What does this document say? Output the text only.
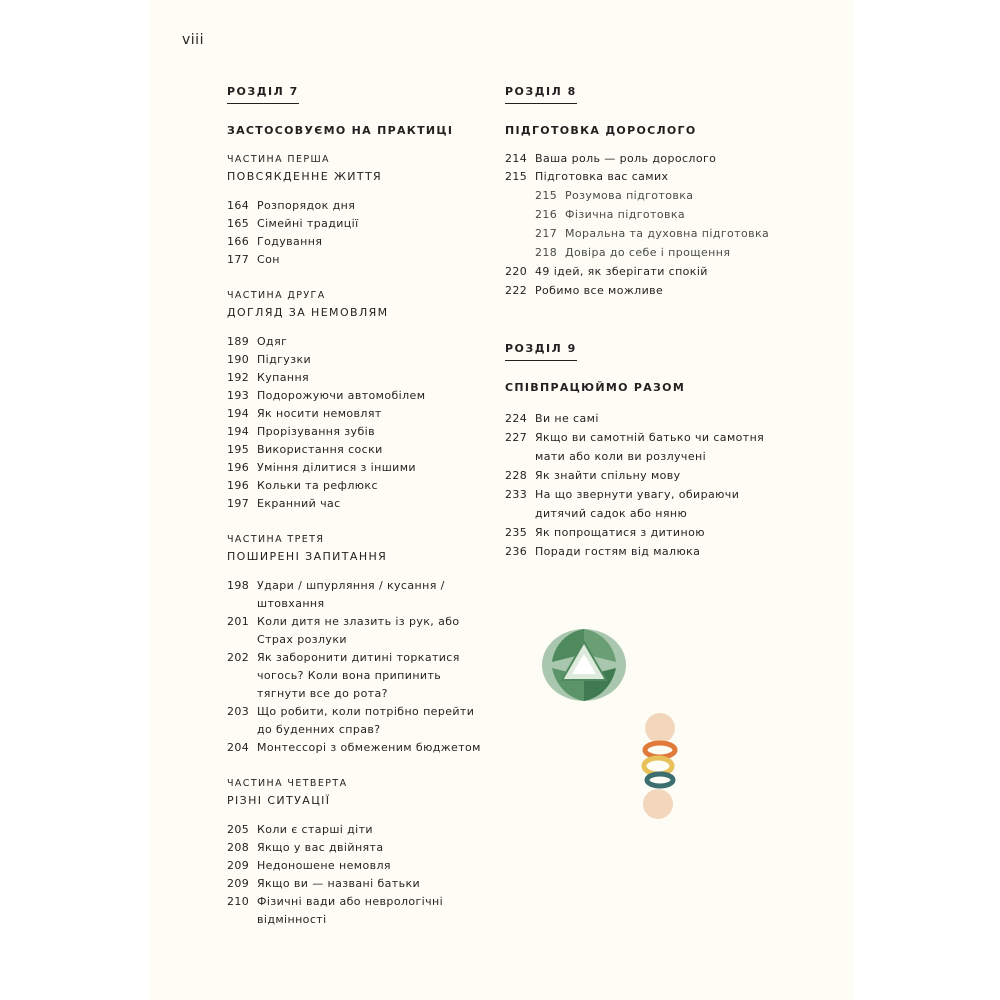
viii
РОЗДІЛ 7
ЗАСТОСОВУЄМО НА ПРАКТИЦІ
ЧАСТИНА ПЕРША
ПОВСЯКДЕННЕ ЖИТТЯ
164 Розпорядок дня
165 Сімейні традиції
166 Годування
177 Сон
ЧАСТИНА ДРУГА
ДОГЛЯД ЗА НЕМОВЛЯМ
189 Одяг
190 Підгузки
192 Купання
193 Подорожуючи автомобілем
194 Як носити немовлят
194 Прорізування зубів
195 Використання соски
196 Уміння ділитися з іншими
196 Кольки та рефлюкс
197 Екранний час
ЧАСТИНА ТРЕТЯ
ПОШИРЕНІ ЗАПИТАННЯ
198 Удари / шпурляння / кусання / штовхання
201 Коли дитя не злазить із рук, або Страх розлуки
202 Як заборонити дитині торкатися чогось? Коли вона припинить тягнути все до рота?
203 Що робити, коли потрібно перейти до буденних справ?
204 Монтессорі з обмеженим бюджетом
ЧАСТИНА ЧЕТВЕРТА
РІЗНІ СИТУАЦІЇ
205 Коли є старші діти
208 Якщо у вас двійнята
209 Недоношене немовля
209 Якщо ви — названі батьки
210 Фізичні вади або неврологічні відмінності
РОЗДІЛ 8
ПІДГОТОВКА ДОРОСЛОГО
214 Ваша роль — роль дорослого
215 Підготовка вас самих
215 Розумова підготовка
216 Фізична підготовка
217 Моральна та духовна підготовка
218 Довіра до себе і прощення
220 49 ідей, як зберігати спокій
222 Робимо все можливе
РОЗДІЛ 9
СПІВПРАЦЮЙМО РАЗОМ
224 Ви не самі
227 Якщо ви самотній батько чи самотня мати або коли ви розлучені
228 Як знайти спільну мову
233 На що звернути увагу, обираючи дитячий садок або няню
235 Як попрощатися з дитиною
236 Поради гостям від малюка
